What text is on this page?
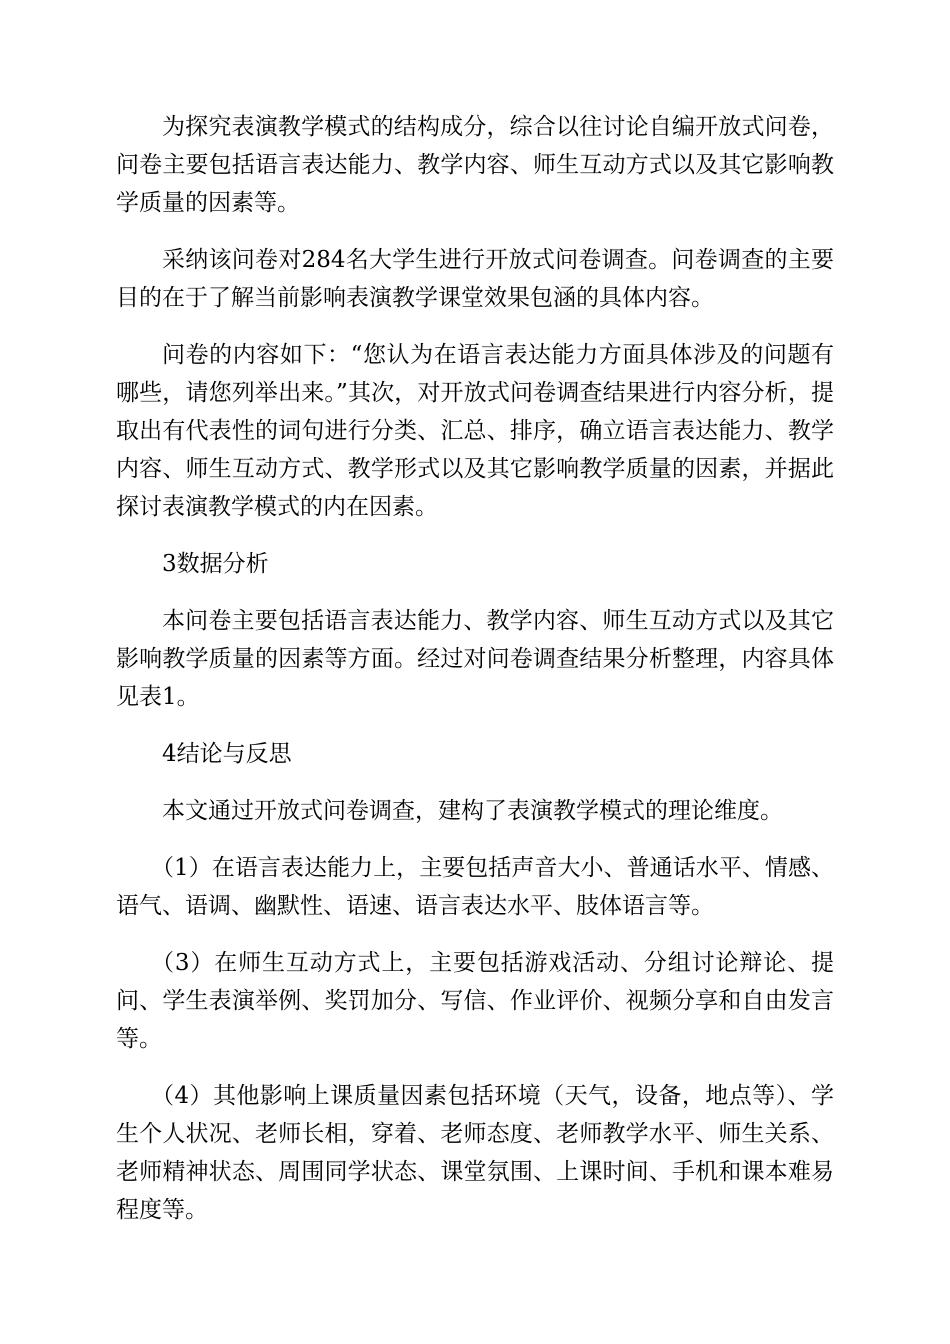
为探究表演教学模式的结构成分，综合以往讨论自编开放式问卷，问卷主要包括语言表达能力、教学内容、师生互动方式以及其它影响教学质量的因素等。

采纳该问卷对284名大学生进行开放式问卷调查。问卷调查的主要目的在于了解当前影响表演教学课堂效果包涵的具体内容。

问卷的内容如下：“您认为在语言表达能力方面具体涉及的问题有哪些，请您列举出来。”其次，对开放式问卷调查结果进行内容分析，提取出有代表性的词句进行分类、汇总、排序，确立语言表达能力、教学内容、师生互动方式、教学形式以及其它影响教学质量的因素，并据此探讨表演教学模式的内在因素。

3数据分析

本问卷主要包括语言表达能力、教学内容、师生互动方式以及其它影响教学质量的因素等方面。经过对问卷调查结果分析整理，内容具体见表1。

4结论与反思

本文通过开放式问卷调查，建构了表演教学模式的理论维度。

（1）在语言表达能力上，主要包括声音大小、普通话水平、情感、语气、语调、幽默性、语速、语言表达水平、肢体语言等。

（3）在师生互动方式上，主要包括游戏活动、分组讨论辩论、提问、学生表演举例、奖罚加分、写信、作业评价、视频分享和自由发言等。

（4）其他影响上课质量因素包括环境（天气，设备，地点等）、学生个人状况、老师长相，穿着、老师态度、老师教学水平、师生关系、老师精神状态、周围同学状态、课堂氛围、上课时间、手机和课本难易程度等。
